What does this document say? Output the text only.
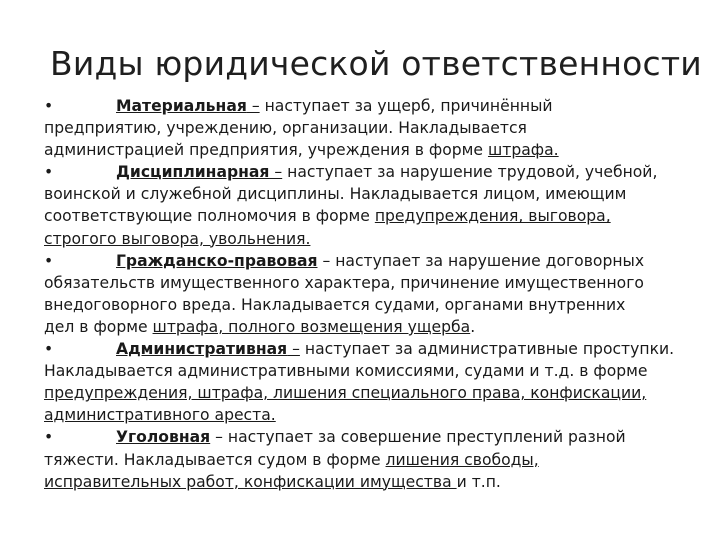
Виды юридической ответственности
•	Материальная – наступает за ущерб, причинённый
предприятию, учреждению, организации. Накладывается
администрацией предприятия, учреждения в форме штрафа.
•	Дисциплинарная – наступает за нарушение трудовой, учебной,
воинской и служебной дисциплины. Накладывается лицом, имеющим
соответствующие полномочия в форме предупреждения, выговора,
строгого выговора, увольнения.
•	Гражданско-правовая – наступает за нарушение договорных
обязательств имущественного характера, причинение имущественного
внедоговорного вреда. Накладывается судами, органами внутренних
дел в форме штрафа, полного возмещения ущерба.
•	Административная – наступает за административные проступки.
Накладывается административными комиссиями, судами и т.д. в форме
предупреждения, штрафа, лишения специального права, конфискации,
административного ареста.
•	Уголовная – наступает за совершение преступлений разной
тяжести. Накладывается судом в форме лишения свободы,
исправительных работ, конфискации имущества и т.п.
